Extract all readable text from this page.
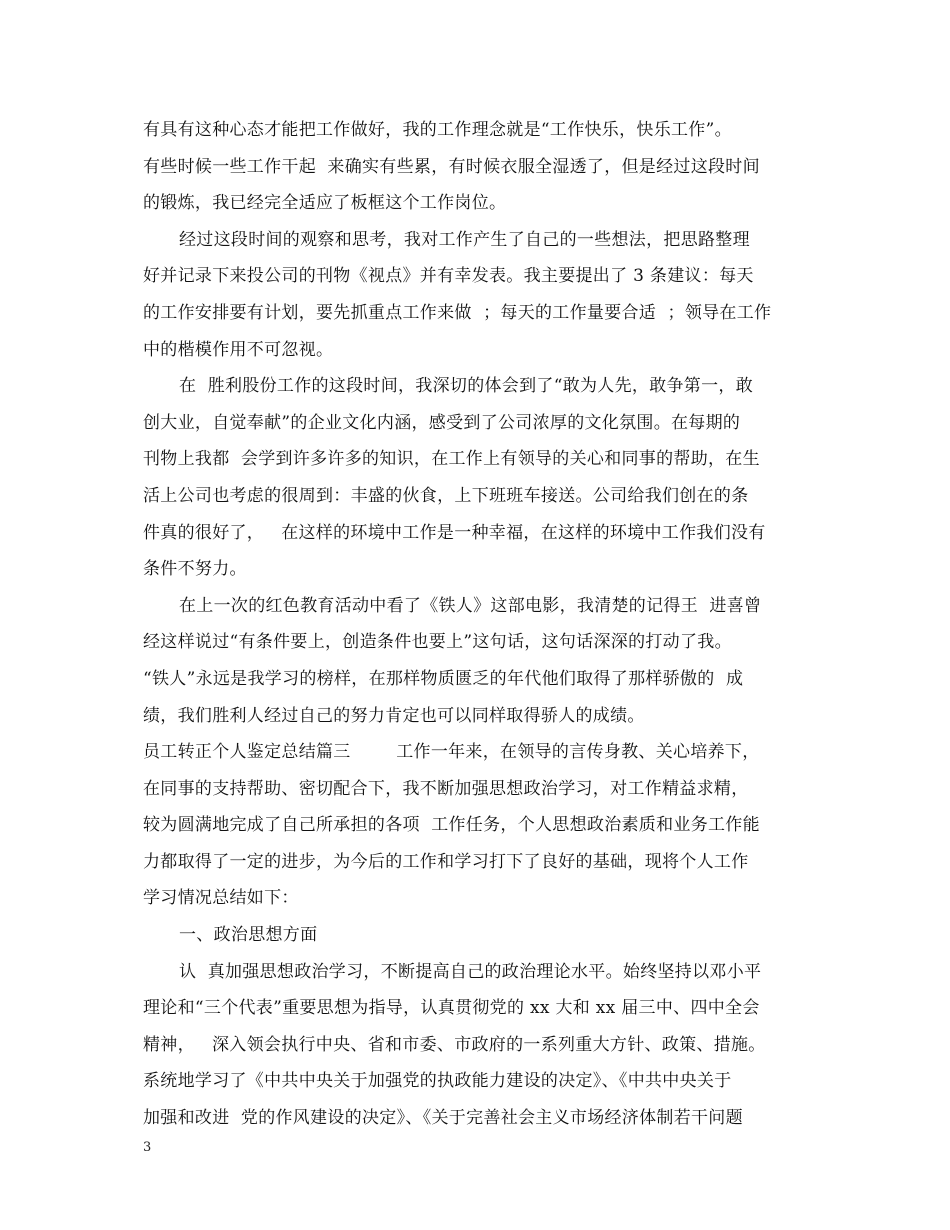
有具有这种心态才能把工作做好，我的工作理念就是“工作快乐，快乐工作”。
有些时候一些工作干起  来确实有些累，有时候衣服全湿透了，但是经过这段时间
的锻炼，我已经完全适应了板框这个工作岗位。
经过这段时间的观察和思考，我对工作产生了自己的一些想法，把思路整理
好并记录下来投公司的刊物《视点》并有幸发表。我主要提出了 3 条建议：每天
的工作安排要有计划，要先抓重点工作来做  ；每天的工作量要合适  ；领导在工作
中的楷模作用不可忽视。
在  胜利股份工作的这段时间，我深切的体会到了“敢为人先，敢争第一，敢
创大业，自觉奉献”的企业文化内涵，感受到了公司浓厚的文化氛围。在每期的
刊物上我都  会学到许多许多的知识，在工作上有领导的关心和同事的帮助，在生
活上公司也考虑的很周到：丰盛的伙食，上下班班车接送。公司给我们创在的条
件真的很好了，   在这样的环境中工作是一种幸福，在这样的环境中工作我们没有
条件不努力。
在上一次的红色教育活动中看了《铁人》这部电影，我清楚的记得王  进喜曾
经这样说过“有条件要上，创造条件也要上”这句话，这句话深深的打动了我。
“铁人”永远是我学习的榜样，在那样物质匮乏的年代他们取得了那样骄傲的  成
绩，我们胜利人经过自己的努力肯定也可以同样取得骄人的成绩。
员工转正个人鉴定总结篇三        工作一年来，在领导的言传身教、关心培养下，
在同事的支持帮助、密切配合下，我不断加强思想政治学习，对工作精益求精，
较为圆满地完成了自己所承担的各项  工作任务，个人思想政治素质和业务工作能
力都取得了一定的进步，为今后的工作和学习打下了良好的基础，现将个人工作
学习情况总结如下：
一、政治思想方面
认  真加强思想政治学习，不断提高自己的政治理论水平。始终坚持以邓小平
理论和“三个代表”重要思想为指导，认真贯彻党的 xx 大和 xx 届三中、四中全会
精神，   深入领会执行中央、省和市委、市政府的一系列重大方针、政策、措施。
系统地学习了《中共中央关于加强党的执政能力建设的决定》、《中共中央关于
加强和改进  党的作风建设的决定》、《关于完善社会主义市场经济体制若干问题
3
